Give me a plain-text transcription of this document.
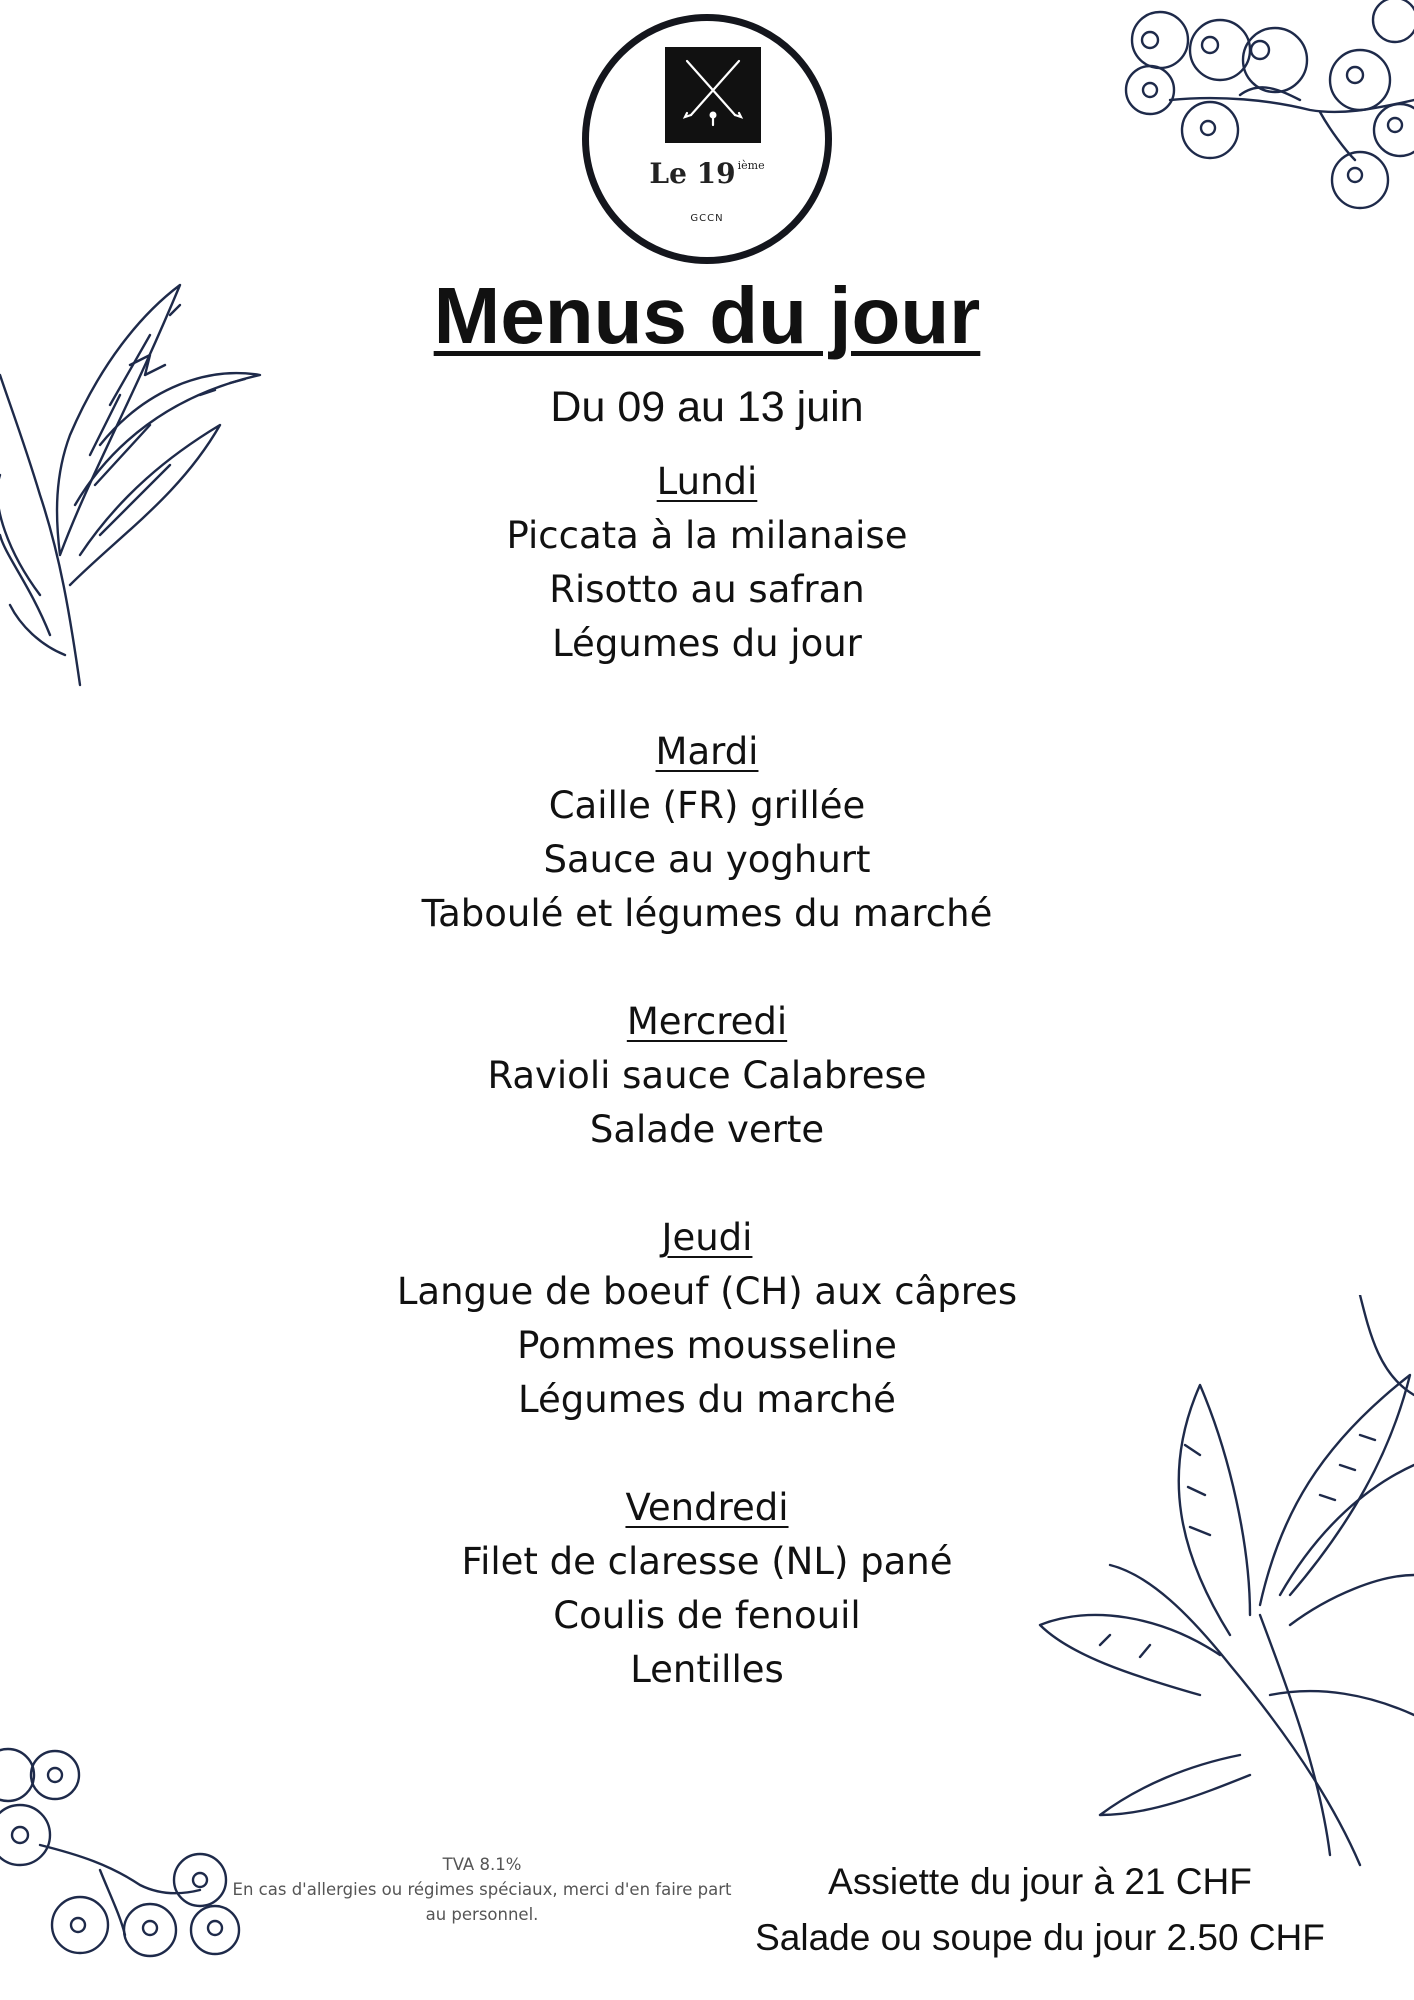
Le 19 $^{ième}$
GCCN
Menus du jour
Du 09 au 13 juin
Lundi
Piccata à la milanaise
Risotto au safran
Légumes du jour
Mardi
Caille (FR) grillée
Sauce au yoghurt
Taboulé et légumes du marché
Mercredi
Ravioli sauce Calabrese
Salade verte
Jeudi
Langue de boeuf (CH) aux câpres
Pommes mousseline
Légumes du marché
Vendredi
Filet de claresse (NL) pané
Coulis de fenouil
Lentilles
TVA 8.1%
En cas d'allergies ou régimes spéciaux, merci d'en faire part au personnel.
Assiette du jour à 21 CHF
Salade ou soupe du jour 2.50 CHF
